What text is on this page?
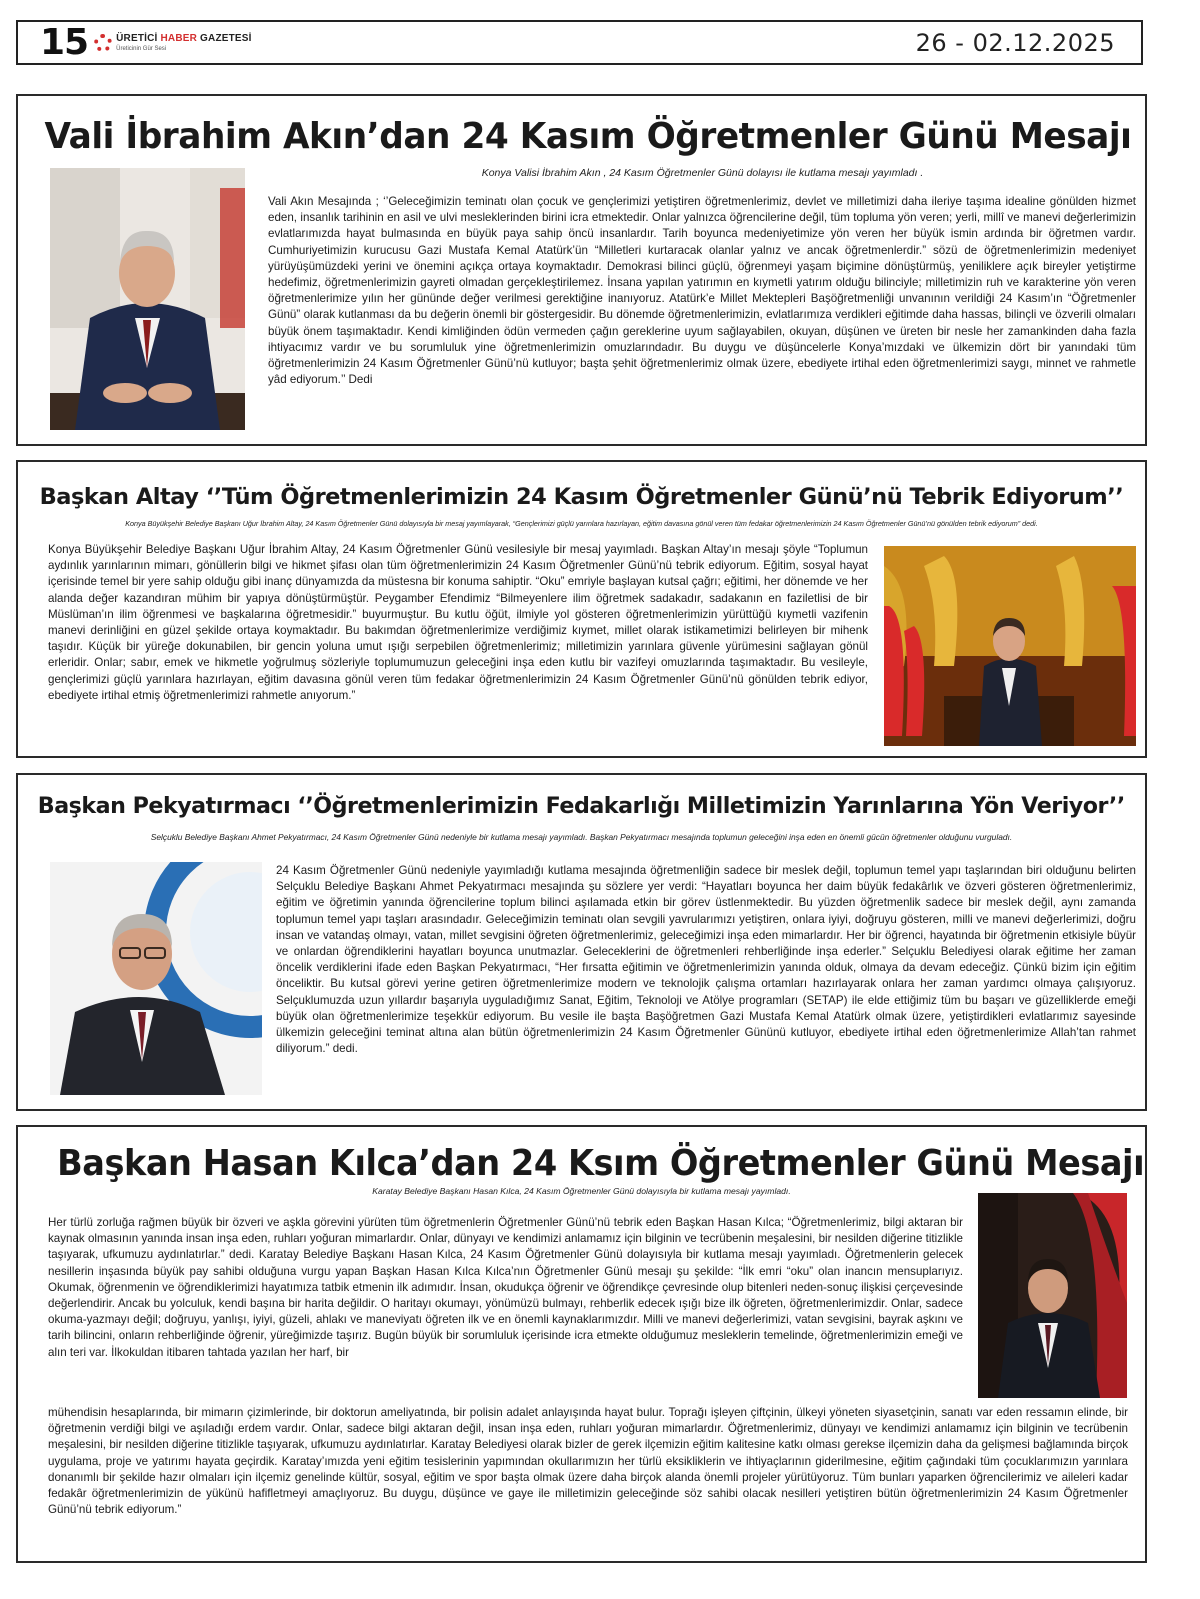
15	ÜRETİCİ HABER GAZETESİ
Üreticinin Gür Sesi	26 - 02.12.2025
Vali İbrahim Akın’dan 24 Kasım Öğretmenler Günü Mesajı
Konya Valisi İbrahim Akın , 24 Kasım Öğretmenler Günü dolayısı ile kutlama mesajı yayımladı .
Vali Akın Mesajında ; ‘’Geleceğimizin teminatı olan çocuk ve gençlerimizi yetiştiren öğretmenlerimiz, devlet ve milletimizi daha ileriye taşıma idealine gönülden hizmet eden, insanlık tarihinin en asil ve ulvi mesleklerinden birini icra etmektedir. Onlar yalnızca öğrencilerine değil, tüm topluma yön veren; yerli, millî ve manevi değerlerimizin evlatlarımızda hayat bulmasında en büyük paya sahip öncü insanlardır. Tarih boyunca medeniyetimize yön veren her büyük ismin ardında bir öğretmen vardır. Cumhuriyetimizin kurucusu Gazi Mustafa Kemal Atatürk’ün “Milletleri kurtaracak olanlar yalnız ve ancak öğretmenlerdir.” sözü de öğretmenlerimizin medeniyet yürüyüşümüzdeki yerini ve önemini açıkça ortaya koymaktadır. Demokrasi bilinci güçlü, öğrenmeyi yaşam biçimine dönüştürmüş, yeniliklere açık bireyler yetiştirme hedefimiz, öğretmenlerimizin gayreti olmadan gerçekleştirilemez. İnsana yapılan yatırımın en kıymetli yatırım olduğu bilinciyle; milletimizin ruh ve karakterine yön veren öğretmenlerimize yılın her gününde değer verilmesi gerektiğine inanıyoruz. Atatürk’e Millet Mektepleri Başöğretmenliği unvanının verildiği 24 Kasım’ın “Öğretmenler Günü” olarak kutlanması da bu değerin önemli bir göstergesidir. Bu dönemde öğretmenlerimizin, evlatlarımıza verdikleri eğitimde daha hassas, bilinçli ve özverili olmaları büyük önem taşımaktadır. Kendi kimliğinden ödün vermeden çağın gereklerine uyum sağlayabilen, okuyan, düşünen ve üreten bir nesle her zamankinden daha fazla ihtiyacımız vardır ve bu sorumluluk yine öğretmenlerimizin omuzlarındadır. Bu duygu ve düşüncelerle Konya’mızdaki ve ülkemizin dört bir yanındaki tüm öğretmenlerimizin 24 Kasım Öğretmenler Günü’nü kutluyor; başta şehit öğretmenlerimiz olmak üzere, ebediyete irtihal eden öğretmenlerimizi saygı, minnet ve rahmetle yâd ediyorum.’’ Dedi
Başkan Altay ‘’Tüm Öğretmenlerimizin 24 Kasım Öğretmenler Günü’nü Tebrik Ediyorum’’
Konya Büyükşehir Belediye Başkanı Uğur İbrahim Altay, 24 Kasım Öğretmenler Günü dolayısıyla bir mesaj yayımlayarak, “Gençlerimizi güçlü yarınlara hazırlayan, eğitim davasına gönül veren tüm fedakar öğretmenlerimizin 24 Kasım Öğretmenler Günü’nü gönülden tebrik ediyorum” dedi.
Konya Büyükşehir Belediye Başkanı Uğur İbrahim Altay, 24 Kasım Öğretmenler Günü vesilesiyle bir mesaj yayımladı. Başkan Altay’ın mesajı şöyle “Toplumun aydınlık yarınlarının mimarı, gönüllerin bilgi ve hikmet şifası olan tüm öğretmenlerimizin 24 Kasım Öğretmenler Günü’nü tebrik ediyorum. Eğitim, sosyal hayat içerisinde temel bir yere sahip olduğu gibi inanç dünyamızda da müstesna bir konuma sahiptir. “Oku” emriyle başlayan kutsal çağrı; eğitimi, her dönemde ve her alanda değer kazandıran mühim bir yapıya dönüştürmüştür. Peygamber Efendimiz “Bilmeyenlere ilim öğretmek sadakadır, sadakanın en faziletlisi de bir Müslüman’ın ilim öğrenmesi ve başkalarına öğretmesidir.” buyurmuştur. Bu kutlu öğüt, ilmiyle yol gösteren öğretmenlerimizin yürüttüğü kıymetli vazifenin manevi derinliğini en güzel şekilde ortaya koymaktadır. Bu bakımdan öğretmenlerimize verdiğimiz kıymet, millet olarak istikametimizi belirleyen bir mihenk taşıdır. Küçük bir yüreğe dokunabilen, bir gencin yoluna umut ışığı serpebilen öğretmenlerimiz; milletimizin yarınlara güvenle yürümesini sağlayan gönül erleridir. Onlar; sabır, emek ve hikmetle yoğrulmuş sözleriyle toplumumuzun geleceğini inşa eden kutlu bir vazifeyi omuzlarında taşımaktadır. Bu vesileyle, gençlerimizi güçlü yarınlara hazırlayan, eğitim davasına gönül veren tüm fedakar öğretmenlerimizin 24 Kasım Öğretmenler Günü’nü gönülden tebrik ediyor, ebediyete irtihal etmiş öğretmenlerimizi rahmetle anıyorum.”
Başkan Pekyatırmacı ‘’Öğretmenlerimizin Fedakarlığı Milletimizin Yarınlarına Yön Veriyor’’
Selçuklu Belediye Başkanı Ahmet Pekyatırmacı, 24 Kasım Öğretmenler Günü nedeniyle bir kutlama mesajı yayımladı. Başkan Pekyatırmacı mesajında toplumun geleceğini inşa eden en önemli gücün öğretmenler olduğunu vurguladı.
24 Kasım Öğretmenler Günü nedeniyle yayımladığı kutlama mesajında öğretmenliğin sadece bir meslek değil, toplumun temel yapı taşlarından biri olduğunu belirten Selçuklu Belediye Başkanı Ahmet Pekyatırmacı mesajında şu sözlere yer verdi: “Hayatları boyunca her daim büyük fedakârlık ve özveri gösteren öğretmenlerimiz, eğitim ve öğretimin yanında öğrencilerine toplum bilinci aşılamada etkin bir görev üstlenmektedir. Bu yüzden öğretmenlik sadece bir meslek değil, aynı zamanda toplumun temel yapı taşları arasındadır. Geleceğimizin teminatı olan sevgili yavrularımızı yetiştiren, onlara iyiyi, doğruyu gösteren, milli ve manevi değerlerimizi, doğru insan ve vatandaş olmayı, vatan, millet sevgisini öğreten öğretmenlerimiz, geleceğimizi inşa eden mimarlardır. Her bir öğrenci, hayatında bir öğretmenin etkisiyle büyür ve onlardan öğrendiklerini hayatları boyunca unutmazlar. Geleceklerini de öğretmenleri rehberliğinde inşa ederler.” Selçuklu Belediyesi olarak eğitime her zaman öncelik verdiklerini ifade eden Başkan Pekyatırmacı, “Her fırsatta eğitimin ve öğretmenlerimizin yanında olduk, olmaya da devam edeceğiz. Çünkü bizim için eğitim önceliktir. Bu kutsal görevi yerine getiren öğretmenlerimize modern ve teknolojik çalışma ortamları hazırlayarak onlara her zaman yardımcı olmaya çalışıyoruz. Selçuklumuzda uzun yıllardır başarıyla uyguladığımız Sanat, Eğitim, Teknoloji ve Atölye programları (SETAP) ile elde ettiğimiz tüm bu başarı ve güzelliklerde emeği büyük olan öğretmenlerimize teşekkür ediyorum. Bu vesile ile başta Başöğretmen Gazi Mustafa Kemal Atatürk olmak üzere, yetiştirdikleri evlatlarımız sayesinde ülkemizin geleceğini teminat altına alan bütün öğretmenlerimizin 24 Kasım Öğretmenler Gününü kutluyor, ebediyete irtihal eden öğretmenlerimize Allah’tan rahmet diliyorum.” dedi.
Başkan Hasan Kılca’dan 24 Ksım Öğretmenler Günü Mesajı
Karatay Belediye Başkanı Hasan Kılca, 24 Kasım Öğretmenler Günü dolayısıyla bir kutlama mesajı yayımladı.
Her türlü zorluğa rağmen büyük bir özveri ve aşkla görevini yürüten tüm öğretmenlerin Öğretmenler Günü’nü tebrik eden Başkan Hasan Kılca; “Öğretmenlerimiz, bilgi aktaran bir kaynak olmasının yanında insan inşa eden, ruhları yoğuran mimarlardır. Onlar, dünyayı ve kendimizi anlamamız için bilginin ve tecrübenin meşalesini, bir nesilden diğerine titizlikle taşıyarak, ufkumuzu aydınlatırlar.” dedi. Karatay Belediye Başkanı Hasan Kılca, 24 Kasım Öğretmenler Günü dolayısıyla bir kutlama mesajı yayımladı. Öğretmenlerin gelecek nesillerin inşasında büyük pay sahibi olduğuna vurgu yapan Başkan Hasan Kılca Kılca’nın Öğretmenler Günü mesajı şu şekilde: “İlk emri “oku” olan inancın mensuplarıyız. Okumak, öğrenmenin ve öğrendiklerimizi hayatımıza tatbik etmenin ilk adımıdır. İnsan, okudukça öğrenir ve öğrendikçe çevresinde olup bitenleri neden-sonuç ilişkisi çerçevesinde değerlendirir. Ancak bu yolculuk, kendi başına bir harita değildir. O haritayı okumayı, yönümüzü bulmayı, rehberlik edecek ışığı bize ilk öğreten, öğretmenlerimizdir. Onlar, sadece okuma-yazmayı değil; doğruyu, yanlışı, iyiyi, güzeli, ahlakı ve maneviyatı öğreten ilk ve en önemli kaynaklarımızdır. Milli ve manevi değerlerimizi, vatan sevgisini, bayrak aşkını ve tarih bilincini, onların rehberliğinde öğrenir, yüreğimizde taşırız. Bugün büyük bir sorumluluk içerisinde icra etmekte olduğumuz mesleklerin temelinde, öğretmenlerimizin emeği ve alın teri var. İlkokuldan itibaren tahtada yazılan her harf, bir
mühendisin hesaplarında, bir mimarın çizimlerinde, bir doktorun ameliyatında, bir polisin adalet anlayışında hayat bulur. Toprağı işleyen çiftçinin, ülkeyi yöneten siyasetçinin, sanatı var eden ressamın elinde, bir öğretmenin verdiği bilgi ve aşıladığı erdem vardır. Onlar, sadece bilgi aktaran değil, insan inşa eden, ruhları yoğuran mimarlardır. Öğretmenlerimiz, dünyayı ve kendimizi anlamamız için bilginin ve tecrübenin meşalesini, bir nesilden diğerine titizlikle taşıyarak, ufkumuzu aydınlatırlar. Karatay Belediyesi olarak bizler de gerek ilçemizin eğitim kalitesine katkı olması gerekse ilçemizin daha da gelişmesi bağlamında birçok uygulama, proje ve yatırımı hayata geçirdik. Karatay’ımızda yeni eğitim tesislerinin yapımından okullarımızın her türlü eksikliklerin ve ihtiyaçlarının giderilmesine, eğitim çağındaki tüm çocuklarımızın yarınlara donanımlı bir şekilde hazır olmaları için ilçemiz genelinde kültür, sosyal, eğitim ve spor başta olmak üzere daha birçok alanda önemli projeler yürütüyoruz. Tüm bunları yaparken öğrencilerimiz ve aileleri kadar fedakâr öğretmenlerimizin de yükünü hafifletmeyi amaçlıyoruz. Bu duygu, düşünce ve gaye ile milletimizin geleceğinde söz sahibi olacak nesilleri yetiştiren bütün öğretmenlerimizin 24 Kasım Öğretmenler Günü’nü tebrik ediyorum.”
